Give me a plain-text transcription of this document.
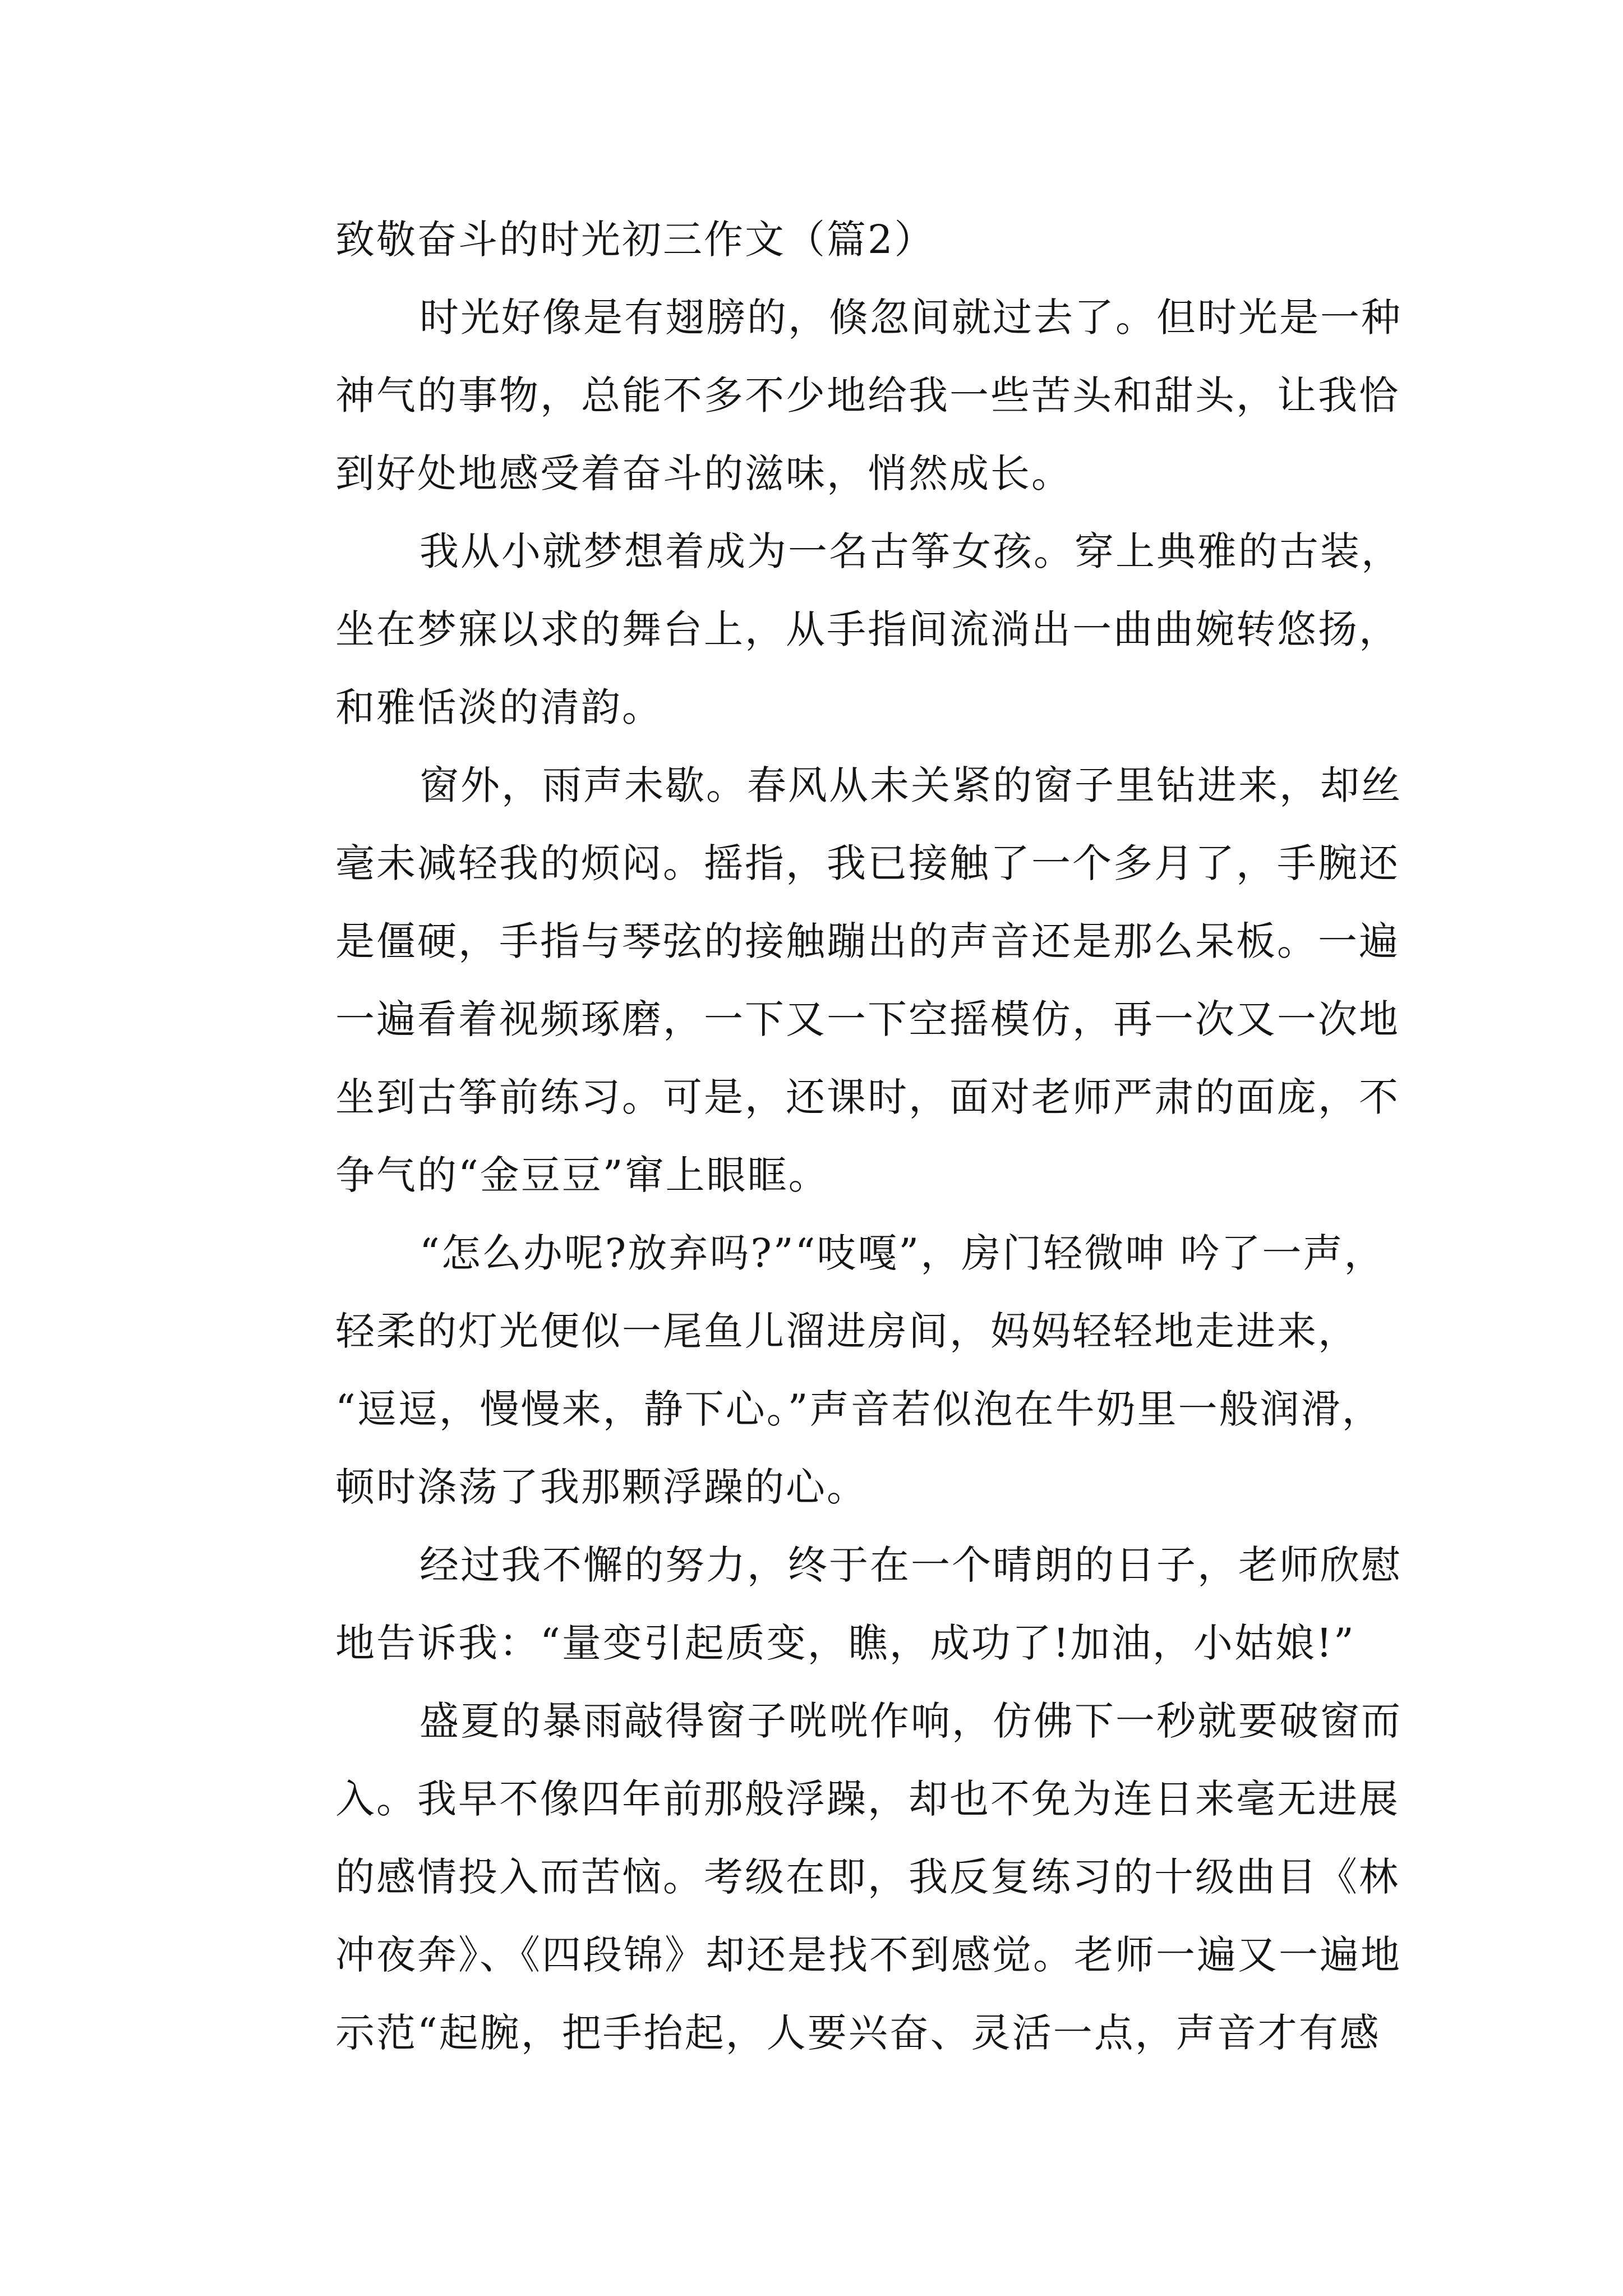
致敬奋斗的时光初三作文（篇2）
时光好像是有翅膀的，倏忽间就过去了。但时光是一种
神气的事物，总能不多不少地给我一些苦头和甜头，让我恰
到好处地感受着奋斗的滋味，悄然成长。
我从小就梦想着成为一名古筝女孩。穿上典雅的古装，
坐在梦寐以求的舞台上，从手指间流淌出一曲曲婉转悠扬，
和雅恬淡的清韵。
窗外，雨声未歇。春风从未关紧的窗子里钻进来，却丝
毫未减轻我的烦闷。摇指，我已接触了一个多月了，手腕还
是僵硬，手指与琴弦的接触蹦出的声音还是那么呆板。一遍
一遍看着视频琢磨，一下又一下空摇模仿，再一次又一次地
坐到古筝前练习。可是，还课时，面对老师严肃的面庞，不
争气的“金豆豆”窜上眼眶。
“怎么办呢?放弃吗?”“吱嘎”，房门轻微呻 吟了一声，
轻柔的灯光便似一尾鱼儿溜进房间，妈妈轻轻地走进来，
“逗逗，慢慢来，静下心。”声音若似泡在牛奶里一般润滑，
顿时涤荡了我那颗浮躁的心。
经过我不懈的努力，终于在一个晴朗的日子，老师欣慰
地告诉我：“量变引起质变，瞧，成功了!加油，小姑娘!”
盛夏的暴雨敲得窗子咣咣作响，仿佛下一秒就要破窗而
入。我早不像四年前那般浮躁，却也不免为连日来毫无进展
的感情投入而苦恼。考级在即，我反复练习的十级曲目《林
冲夜奔》、《四段锦》却还是找不到感觉。老师一遍又一遍地
示范“起腕，把手抬起，人要兴奋、灵活一点，声音才有感
